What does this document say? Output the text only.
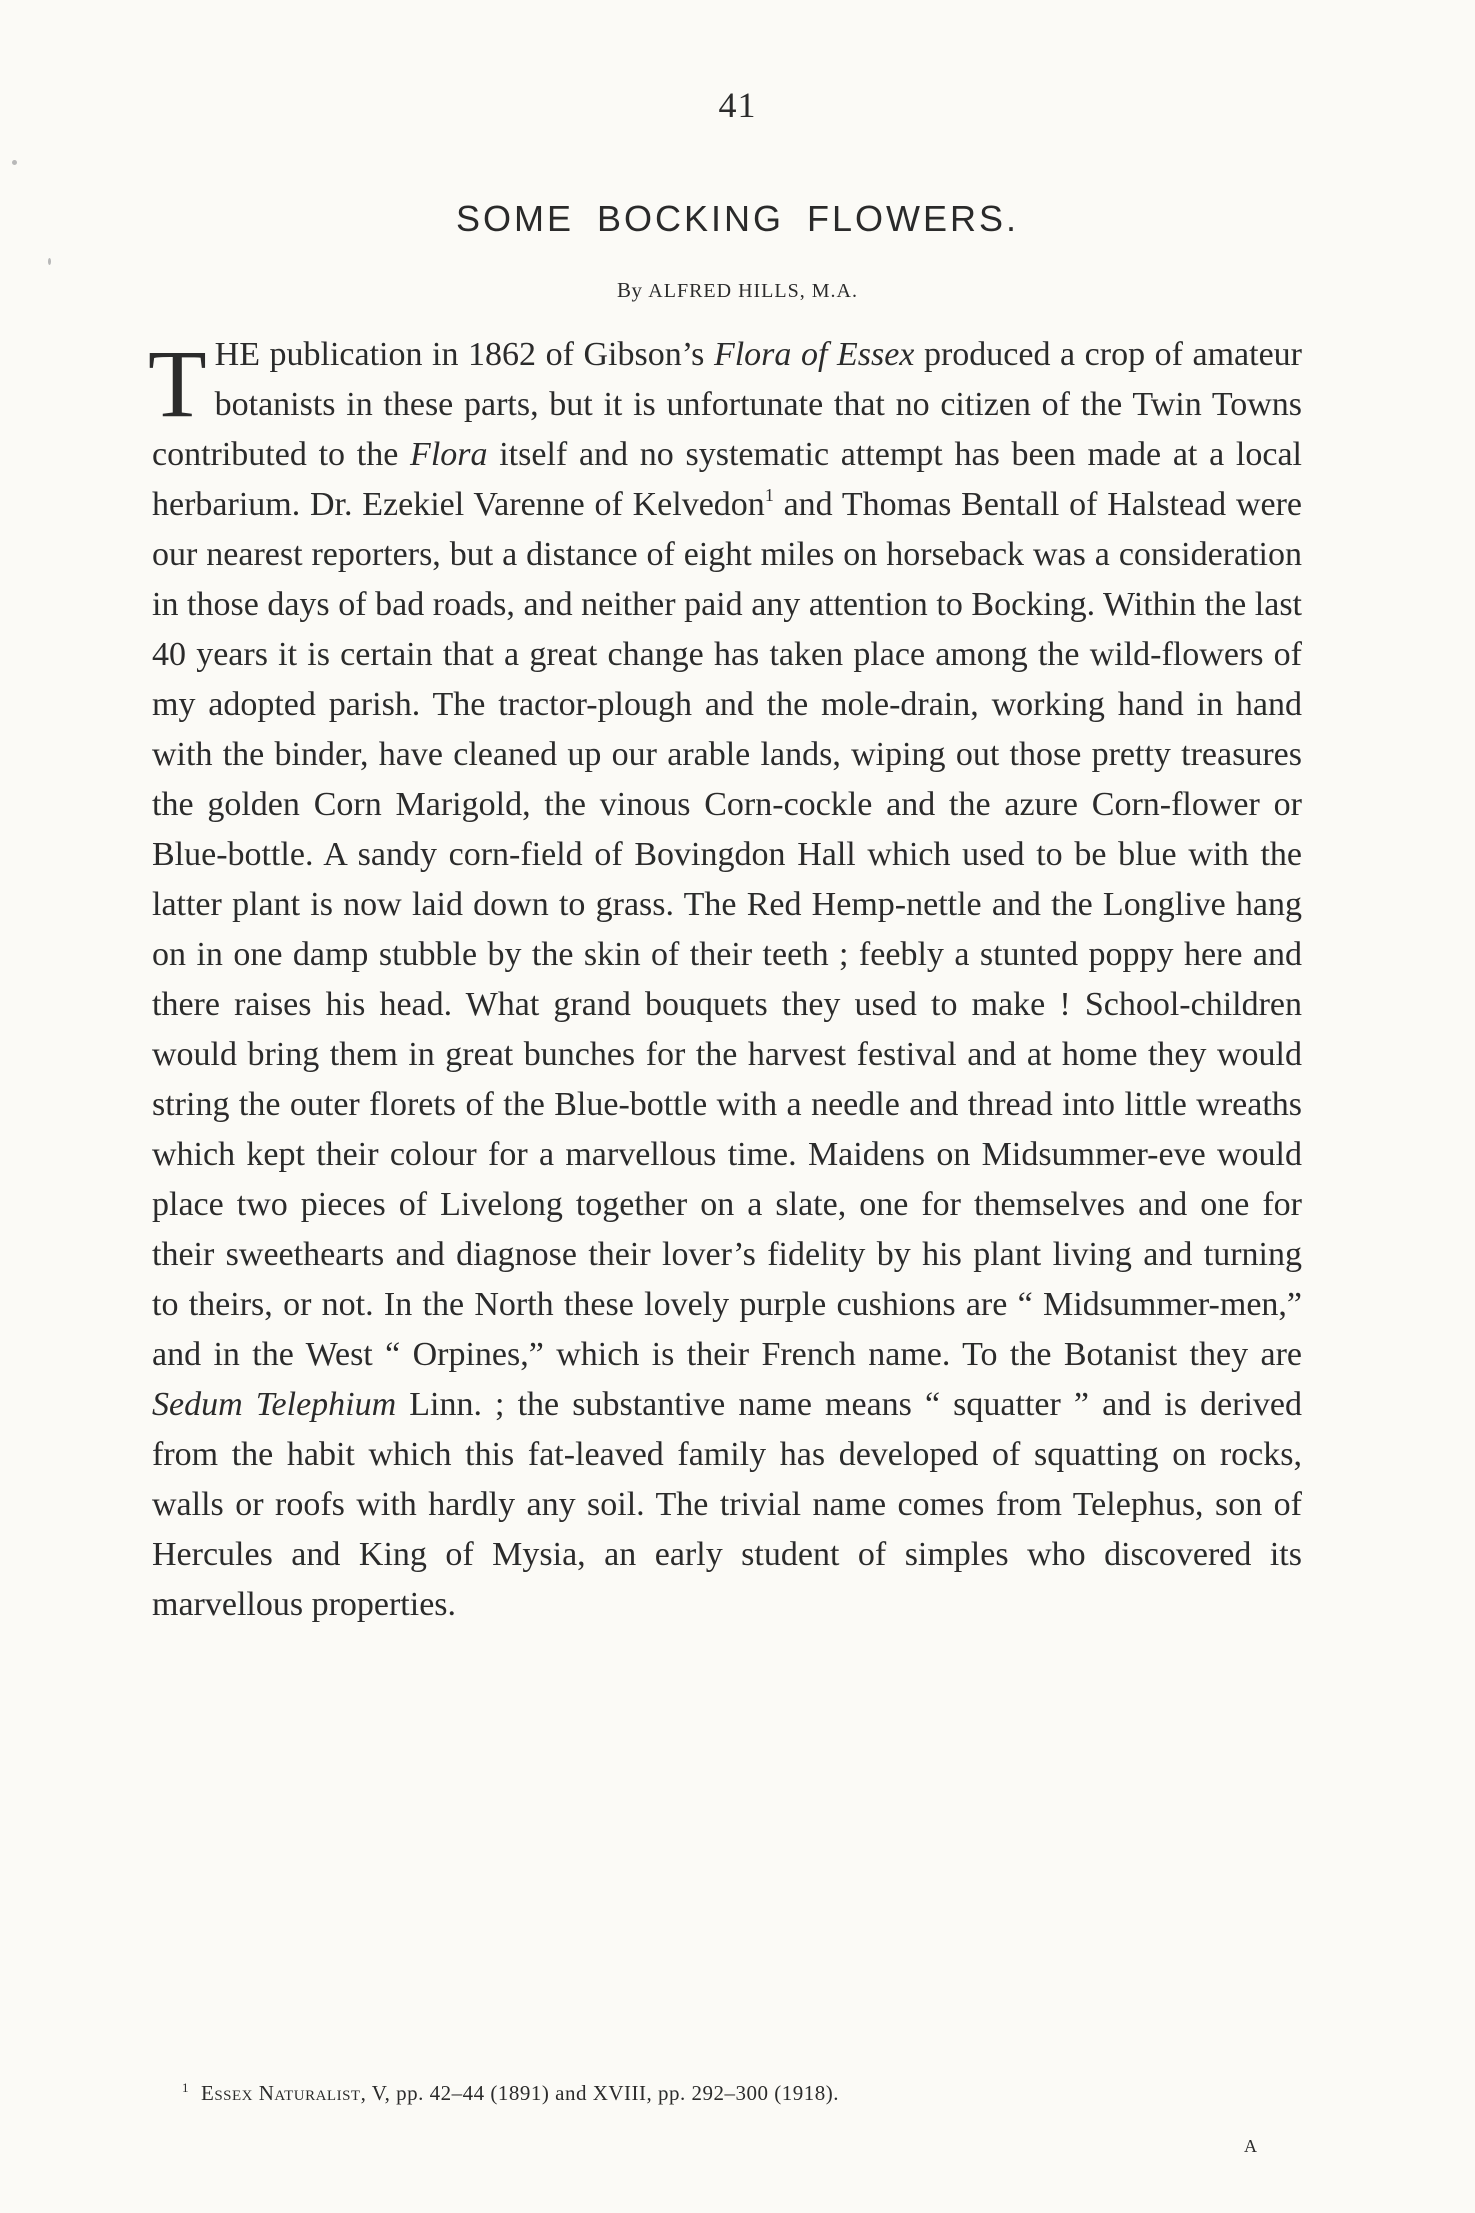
41
SOME BOCKING FLOWERS.
By ALFRED HILLS, M.A.

THE publication in 1862 of Gibson’s Flora of Essex produced a crop of amateur botanists in these parts, but it is unfortunate that no citizen of the Twin Towns contributed to the Flora itself and no systematic attempt has been made at a local herbarium. Dr. Ezekiel Varenne of Kelvedon$^1$ and Thomas Bentall of Halstead were our nearest reporters, but a distance of eight miles on horseback was a consideration in those days of bad roads, and neither paid any attention to Bocking. Within the last 40 years it is certain that a great change has taken place among the wild-flowers of my adopted parish. The tractor-plough and the mole-drain, working hand in hand with the binder, have cleaned up our arable lands, wiping out those pretty treasures the golden Corn Marigold, the vinous Corn-cockle and the azure Corn-flower or Blue-bottle. A sandy corn-field of Bovingdon Hall which used to be blue with the latter plant is now laid down to grass. The Red Hemp-nettle and the Longlive hang on in one damp stubble by the skin of their teeth ; feebly a stunted poppy here and there raises his head. What grand bouquets they used to make ! School-children would bring them in great bunches for the harvest festival and at home they would string the outer florets of the Blue-bottle with a needle and thread into little wreaths which kept their colour for a marvellous time. Maidens on Midsummer-eve would place two pieces of Livelong together on a slate, one for themselves and one for their sweethearts and diagnose their lover’s fidelity by his plant living and turning to theirs, or not. In the North these lovely purple cushions are “ Midsummer-men,” and in the West “ Orpines,” which is their French name. To the Botanist they are Sedum Telephium Linn. ; the substantive name means “ squatter ” and is derived from the habit which this fat-leaved family has developed of squatting on rocks, walls or roofs with hardly any soil. The trivial name comes from Telephus, son of Hercules and King of Mysia, an early student of simples who discovered its marvellous properties.

$^1$ Essex Naturalist, V, pp. 42–44 (1891) and XVIII, pp. 292–300 (1918).
A
